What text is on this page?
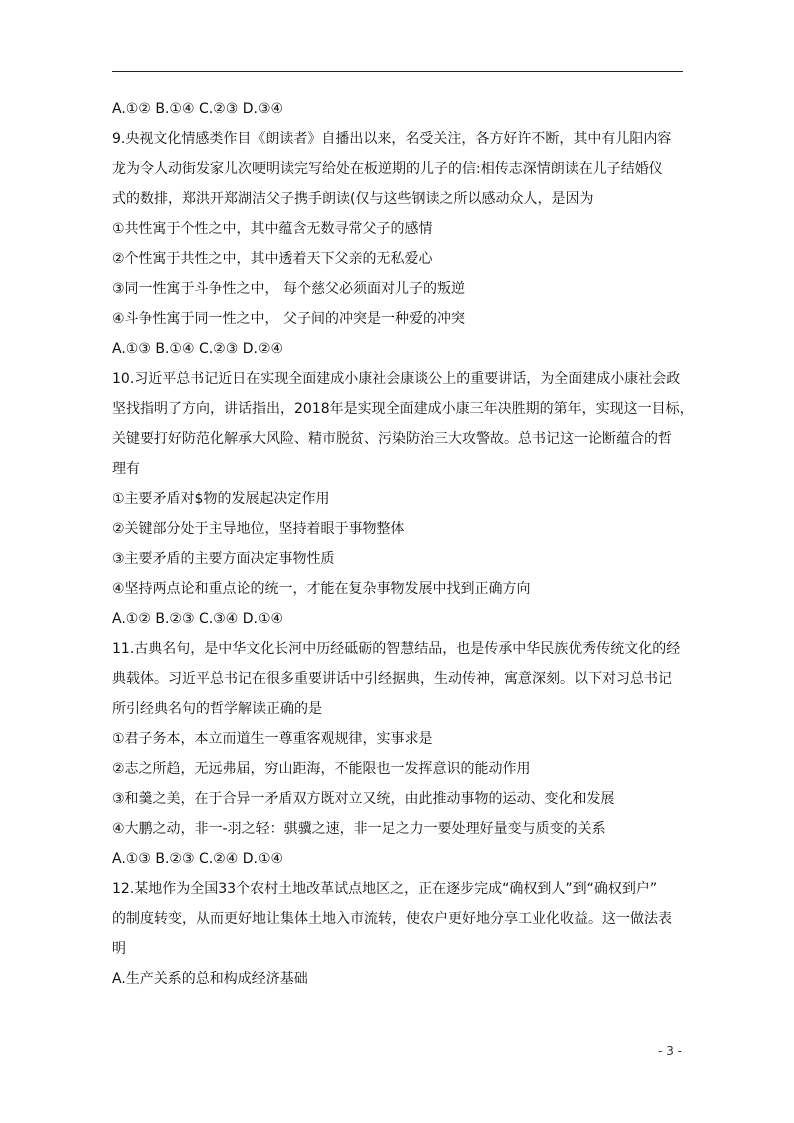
A.①② B.①④ C.②③ D.③④
9.央视文化情感类作目《朗读者》自播出以来，名受关注，各方好许不断，其中有儿阳内容
龙为令人动街发家儿次哽明读完写给处在板逆期的儿子的信:相传志深情朗读在儿子结婚仪
式的数排，郑洪开郑湖洁父子携手朗读(仅与这些钢读之所以感动众人，是因为
①共性寓于个性之中，其中蕴含无数寻常父子的感情
②个性寓于共性之中，其中透着天下父亲的无私爱心
③同一性寓于斗争性之中， 每个慈父必须面对儿子的叛逆
④斗争性寓于同一性之中， 父子间的冲突是一种爱的冲突
A.①③ B.①④ C.②③ D.②④
10.习近平总书记近日在实现全面建成小康社会康谈公上的重要讲话，为全面建成小康社会政
坚找指明了方向，讲话指出，2018年是实现全面建成小康三年决胜期的第年，实现这一目标，
关键要打好防范化解承大风险、精市脱贫、污染防治三大攻警故。总书记这一论断蕴合的哲
理有
①主要矛盾对$物的发展起决定作用
②关键部分处于主导地位，坚持着眼于事物整体
③主要矛盾的主要方面决定事物性质
④坚持两点论和重点论的统一，才能在复杂事物发展中找到正确方向
A.①② B.②③ C.③④ D.①④
11.古典名句，是中华文化长河中历经砥砺的智慧结品，也是传承中华民族优秀传统文化的经
典载体。习近平总书记在很多重要讲话中引经据典，生动传神，寓意深刻。以下对习总书记
所引经典名句的哲学解读正确的是
①君子务本，本立而道生一尊重客观规律，实事求是
②志之所趋，无远弗届，穷山距海，不能限也一发挥意识的能动作用
③和羹之美，在于合异一矛盾双方既对立又统，由此推动事物的运动、变化和发展
④大鹏之动，非一-羽之轻：骐骥之速，非一足之力一要处理好量变与质变的关系
A.①③ B.②③ C.②④ D.①④
12.某地作为全国33个农村土地改革试点地区之，正在逐步完成“确权到人”到“确权到户”
的制度转变，从而更好地让集体土地入市流转，使农户更好地分享工业化收益。这一做法表
明
A.生产关系的总和构成经济基础
- 3 -
